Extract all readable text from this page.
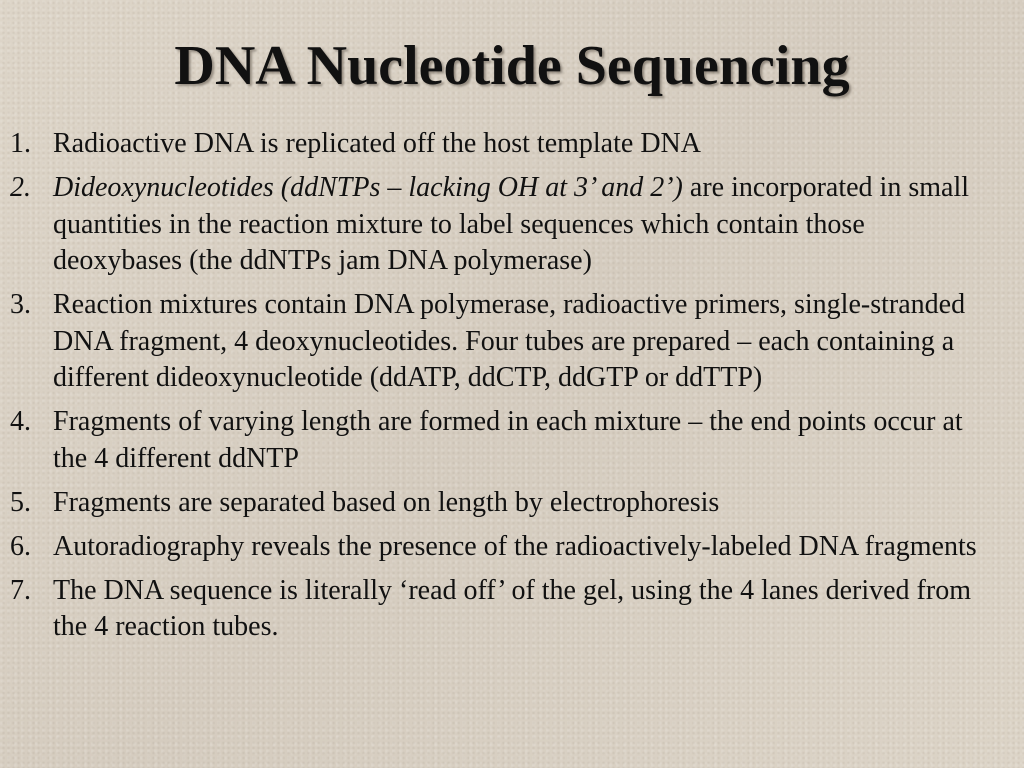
DNA Nucleotide Sequencing
1. Radioactive DNA is replicated off the host template DNA
2. Dideoxynucleotides (ddNTPs – lacking OH at 3’ and 2’) are incorporated in small quantities in the reaction mixture to label sequences which contain those deoxybases (the ddNTPs jam DNA polymerase)
3. Reaction mixtures contain DNA polymerase, radioactive primers, single-stranded DNA fragment, 4 deoxynucleotides. Four tubes are prepared – each containing a different dideoxynucleotide (ddATP, ddCTP, ddGTP or ddTTP)
4. Fragments of varying length are formed in each mixture – the end points occur at the 4 different ddNTP
5. Fragments are separated based on length by electrophoresis
6. Autoradiography reveals the presence of the radioactively-labeled DNA fragments
7. The DNA sequence is literally ‘read off’ of the gel, using the 4 lanes derived from the 4 reaction tubes.
